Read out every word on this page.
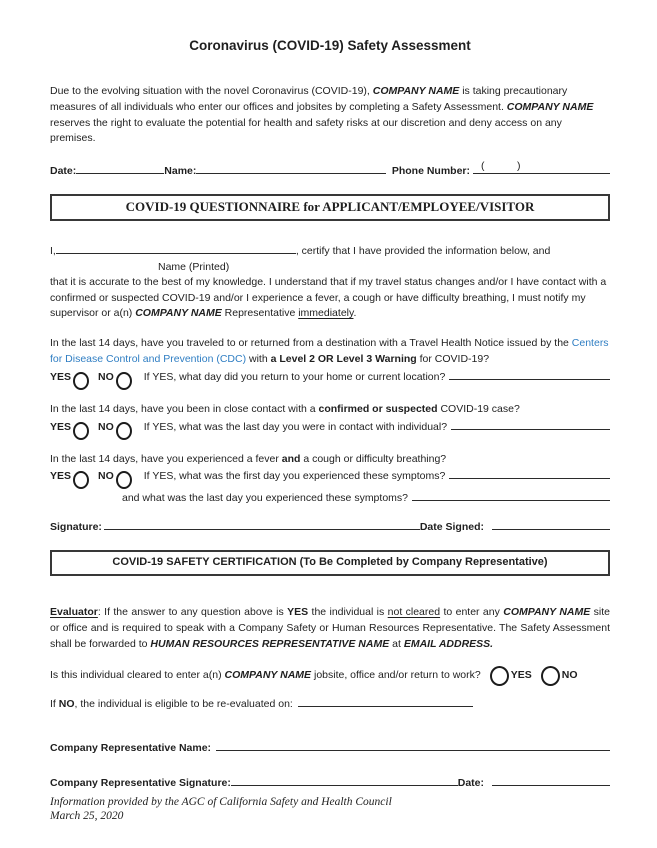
Coronavirus (COVID-19) Safety Assessment

Due to the evolving situation with the novel Coronavirus (COVID-19), COMPANY NAME is taking precautionary measures of all individuals who enter our offices and jobsites by completing a Safety Assessment. COMPANY NAME reserves the right to evaluate the potential for health and safety risks at our discretion and deny access on any premises.

Date:	Name:	Phone Number: (	)
COVID-19 QUESTIONNAIRE for APPLICANT/EMPLOYEE/VISITOR
I,	, certify that I have provided the information below, and
Name (Printed)

that it is accurate to the best of my knowledge. I understand that if my travel status changes and/or I have contact with a confirmed or suspected COVID-19 and/or I experience a fever, a cough or have difficulty breathing, I must notify my supervisor or a(n) COMPANY NAME Representative immediately.

In the last 14 days, have you traveled to or returned from a destination with a Travel Health Notice issued by the Centers for Disease Control and Prevention (CDC) with a Level 2 OR Level 3 Warning for COVID-19?

YES	NO	If YES, what day did you return to your home or current location?

In the last 14 days, have you been in close contact with a confirmed or suspected COVID-19 case?

YES	NO	If YES, what was the last day you were in contact with individual?

In the last 14 days, have you experienced a fever and a cough or difficulty breathing?

YES	NO	If YES, what was the first day you experienced these symptoms?
and what was the last day you experienced these symptoms?
Signature:	Date Signed:
COVID-19 SAFETY CERTIFICATION (To Be Completed by Company Representative)

Evaluator: If the answer to any question above is YES the individual is not cleared to enter any COMPANY NAME site or office and is required to speak with a Company Safety or Human Resources Representative. The Safety Assessment shall be forwarded to HUMAN RESOURCES REPRESENTATIVE NAME at EMAIL ADDRESS.

Is this individual cleared to enter a(n) COMPANY NAME jobsite, office and/or return to work?	YES	NO
If NO, the individual is eligible to be re-evaluated on:
Company Representative Name:
Company Representative Signature:	Date:
Information provided by the AGC of California Safety and Health Council
March 25, 2020
